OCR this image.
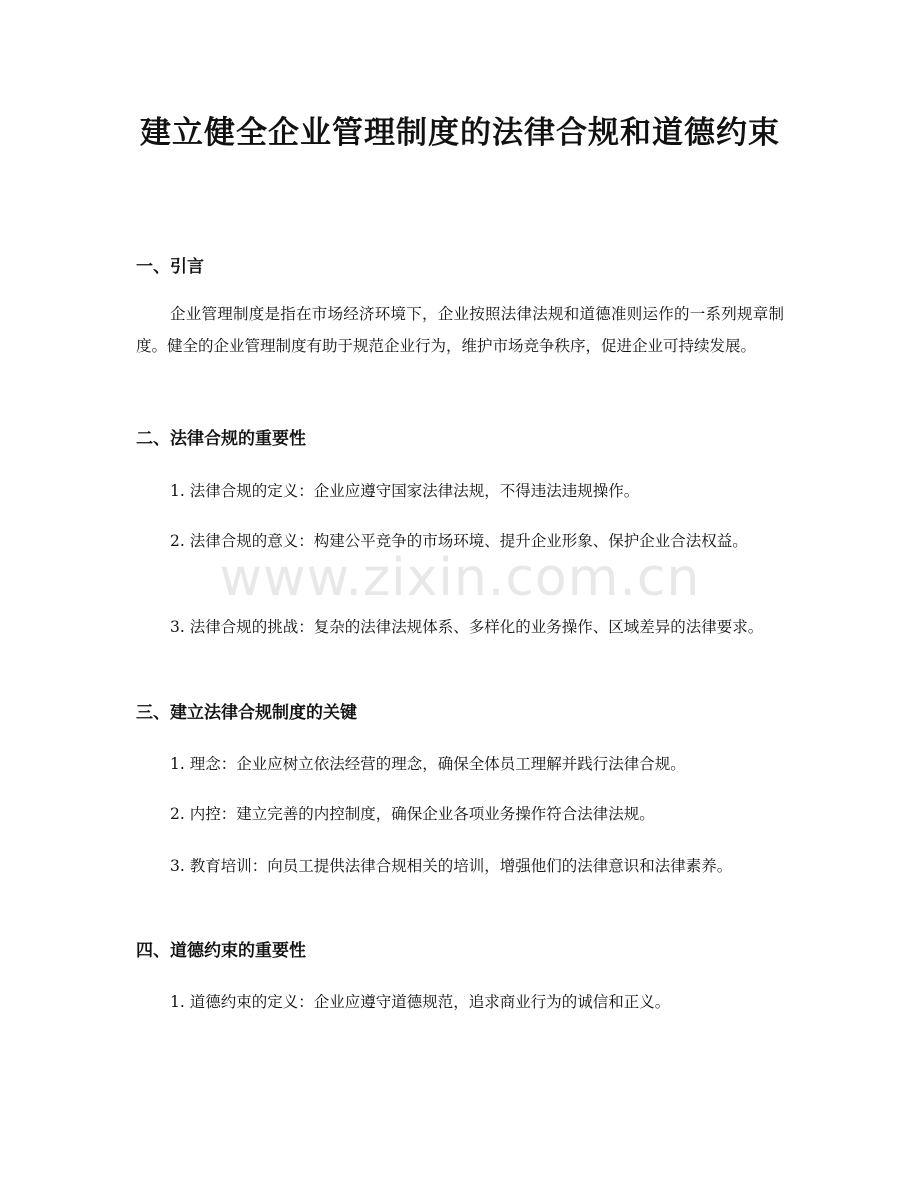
建立健全企业管理制度的法律合规和道德约束
一、引言

企业管理制度是指在市场经济环境下，企业按照法律法规和道德准则运作的一系列规章制度。健全的企业管理制度有助于规范企业行为，维护市场竞争秩序，促进企业可持续发展。

二、法律合规的重要性

1. 法律合规的定义：企业应遵守国家法律法规，不得违法违规操作。

2. 法律合规的意义：构建公平竞争的市场环境、提升企业形象、保护企业合法权益。

3. 法律合规的挑战：复杂的法律法规体系、多样化的业务操作、区域差异的法律要求。

三、建立法律合规制度的关键

1. 理念：企业应树立依法经营的理念，确保全体员工理解并践行法律合规。

2. 内控：建立完善的内控制度，确保企业各项业务操作符合法律法规。

3. 教育培训：向员工提供法律合规相关的培训，增强他们的法律意识和法律素养。

四、道德约束的重要性

1. 道德约束的定义：企业应遵守道德规范，追求商业行为的诚信和正义。

www.zixin.com.cn
